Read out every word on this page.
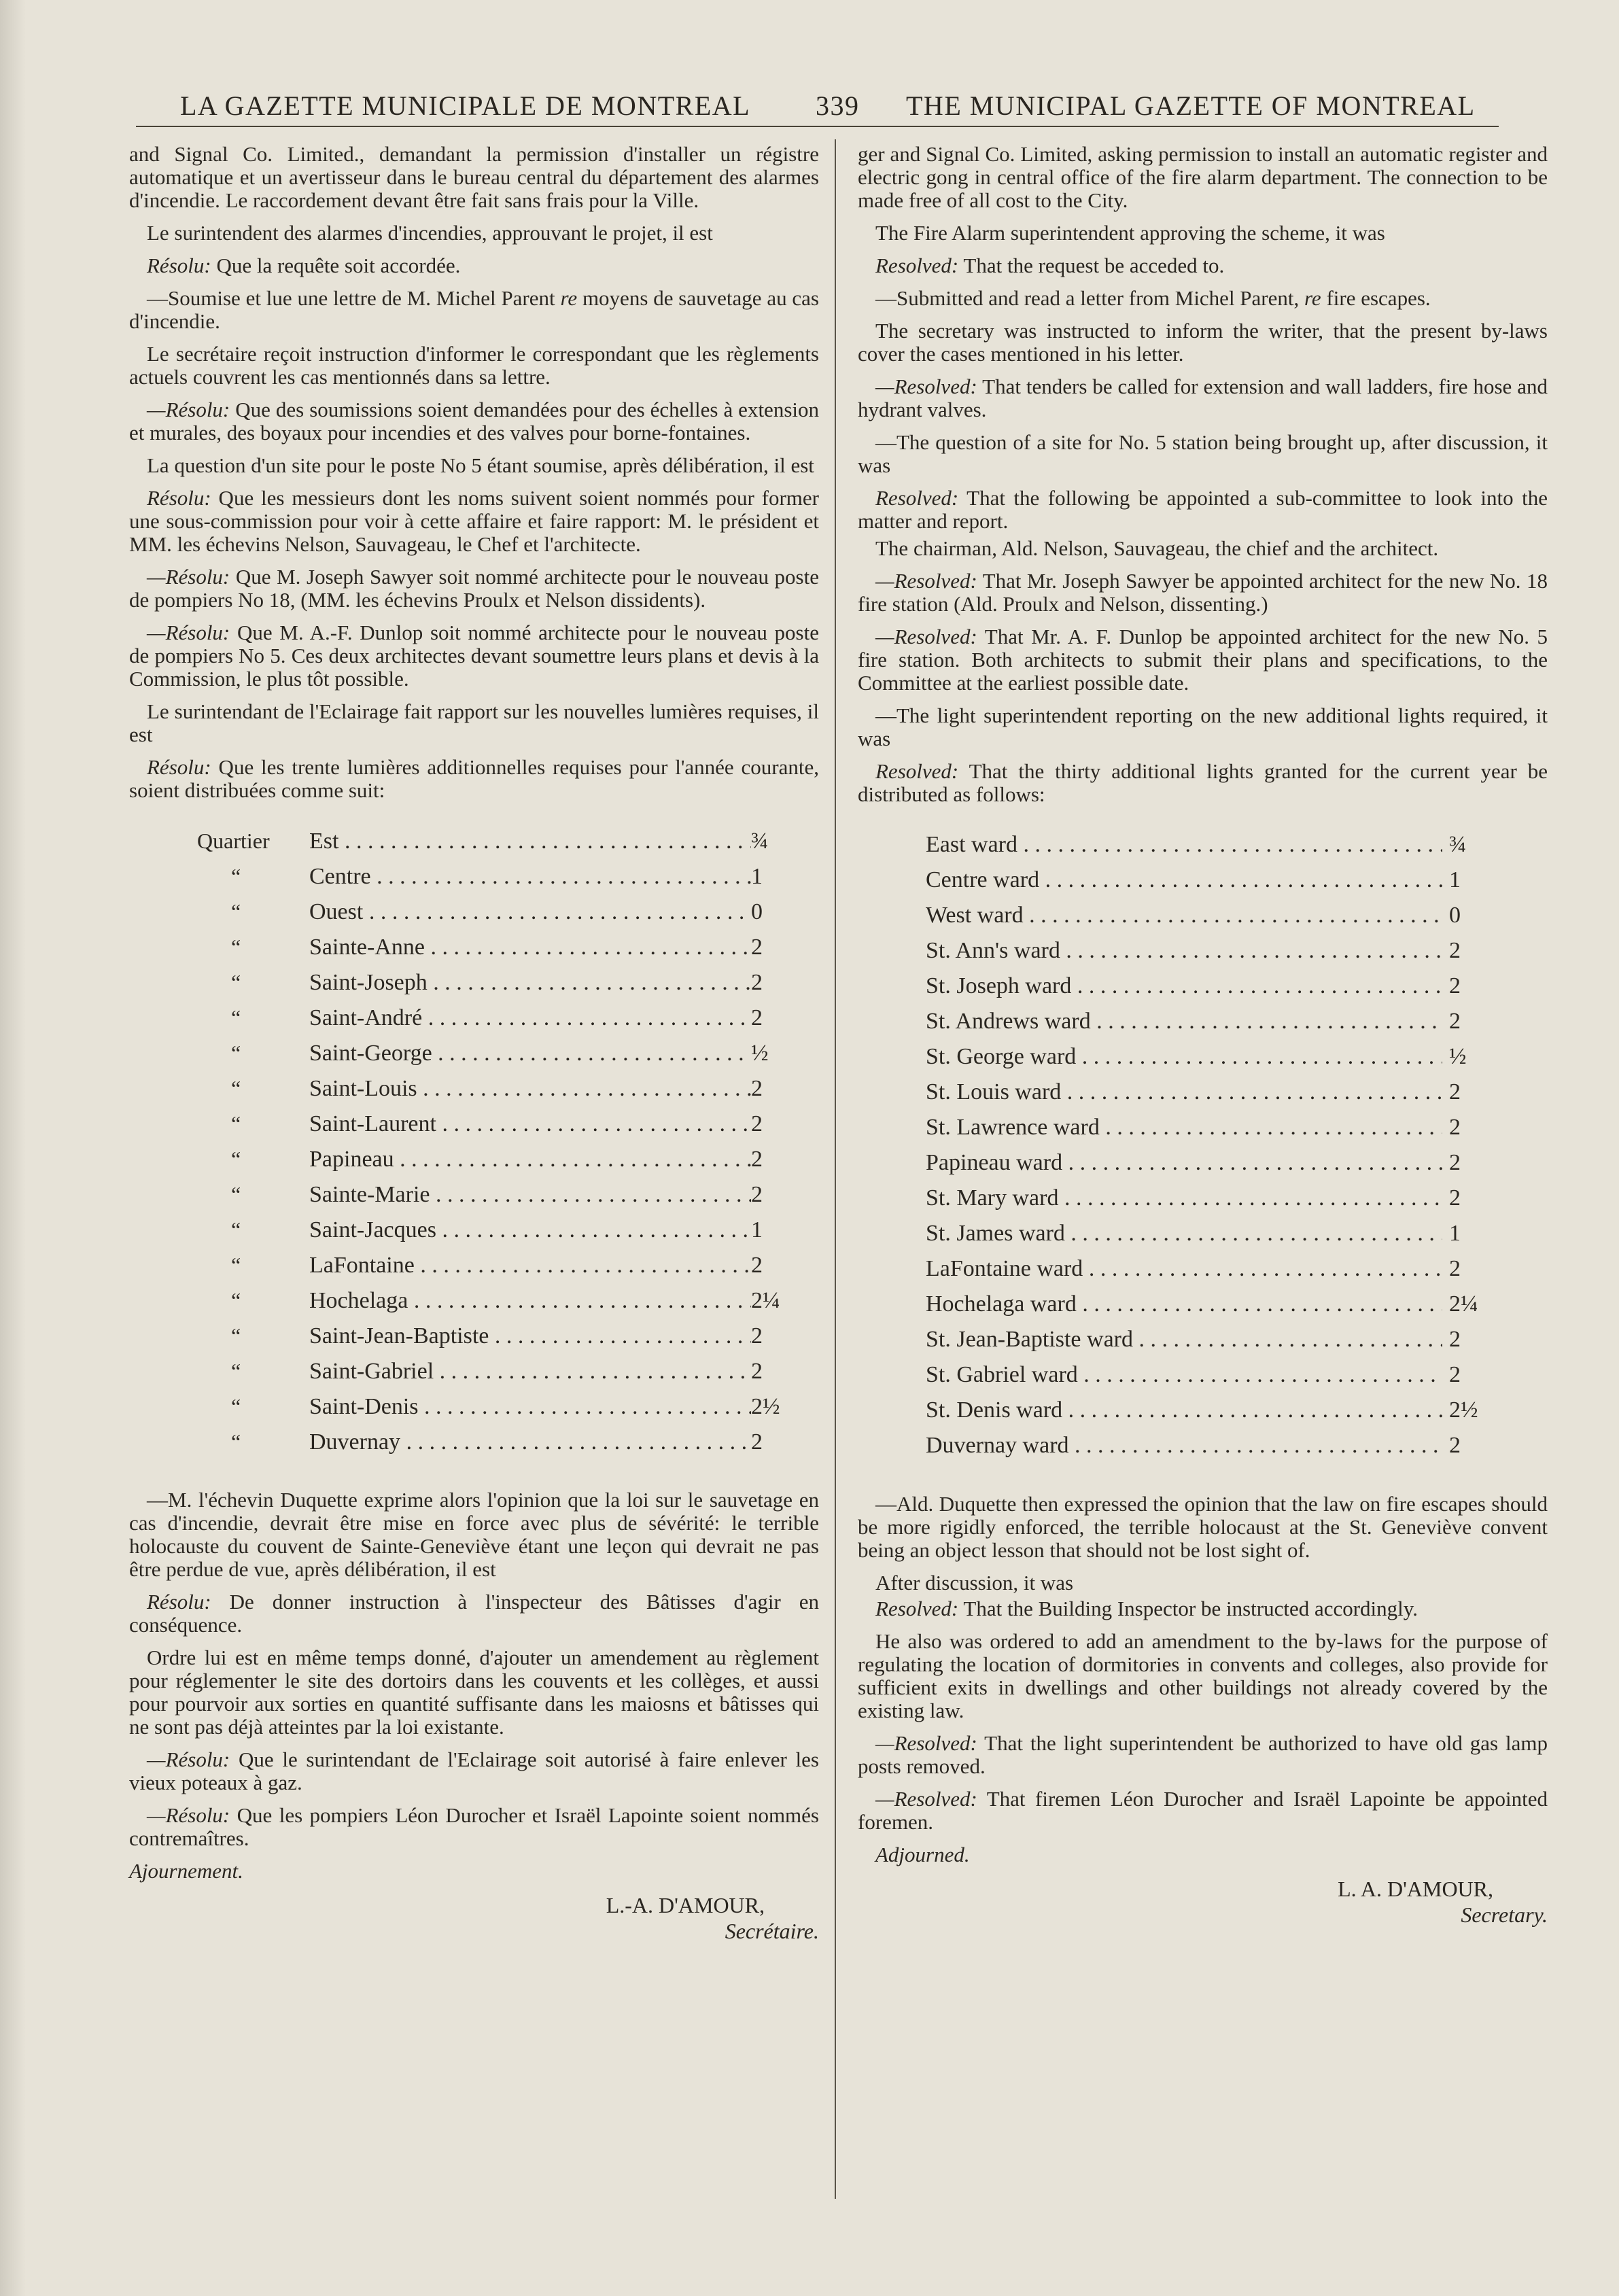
LA GAZETTE MUNICIPALE DE MONTREAL 339 THE MUNICIPAL GAZETTE OF MONTREAL

and Signal Co. Limited., demandant la permission d'installer un régistre automatique et un avertisseur dans le bureau central du département des alarmes d'incendie. Le raccordement devant être fait sans frais pour la Ville.

Le surintendent des alarmes d'incendies, approuvant le projet, il est

Résolu: Que la requête soit accordée.

—Soumise et lue une lettre de M. Michel Parent re moyens de sauvetage au cas d'incendie.

Le secrétaire reçoit instruction d'informer le correspondant que les règlements actuels couvrent les cas mentionnés dans sa lettre.

—Résolu: Que des soumissions soient demandées pour des échelles à extension et murales, des boyaux pour incendies et des valves pour borne-fontaines.

La question d'un site pour le poste No 5 étant soumise, après délibération, il est

Résolu: Que les messieurs dont les noms suivent soient nommés pour former une sous-commission pour voir à cette affaire et faire rapport: M. le président et MM. les échevins Nelson, Sauvageau, le Chef et l'architecte.

—Résolu: Que M. Joseph Sawyer soit nommé architecte pour le nouveau poste de pompiers No 18, (MM. les échevins Proulx et Nelson dissidents).

—Résolu: Que M. A.-F. Dunlop soit nommé architecte pour le nouveau poste de pompiers No 5. Ces deux architectes devant soumettre leurs plans et devis à la Commission, le plus tôt possible.

Le surintendant de l'Eclairage fait rapport sur les nouvelles lumières requises, il est

Résolu: Que les trente lumières additionnelles requises pour l'année courante, soient distribuées comme suit:

Quartier	Est . . .	¾
“	Centre . . .	1
“	Ouest . . .	0
“	Sainte-Anne . . .	2
“	Saint-Joseph . . .	2
“	Saint-André . . .	2
“	Saint-George . . .	½
“	Saint-Louis . . .	2
“	Saint-Laurent . . .	2
“	Papineau . . .	2
“	Sainte-Marie . . .	2
“	Saint-Jacques . . .	1
“	LaFontaine . . .	2
“	Hochelaga . . .	2¼
“	Saint-Jean-Baptiste . . .	2
“	Saint-Gabriel . . .	2
“	Saint-Denis . . .	2½
“	Duvernay . . .	2

—M. l'échevin Duquette exprime alors l'opinion que la loi sur le sauvetage en cas d'incendie, devrait être mise en force avec plus de sévérité: le terrible holocauste du couvent de Sainte-Geneviève étant une leçon qui devrait ne pas être perdue de vue, après délibération, il est

Résolu: De donner instruction à l'inspecteur des Bâtisses d'agir en conséquence.

Ordre lui est en même temps donné, d'ajouter un amendement au règlement pour réglementer le site des dortoirs dans les couvents et les collèges, et aussi pour pourvoir aux sorties en quantité suffisante dans les maiosns et bâtisses qui ne sont pas déjà atteintes par la loi existante.

—Résolu: Que le surintendant de l'Eclairage soit autorisé à faire enlever les vieux poteaux à gaz.

—Résolu: Que les pompiers Léon Durocher et Israël Lapointe soient nommés contremaîtres.

Ajournement.

L.-A. D'AMOUR,
Secrétaire.

ger and Signal Co. Limited, asking permission to install an automatic register and electric gong in central office of the fire alarm department. The connection to be made free of all cost to the City.

The Fire Alarm superintendent approving the scheme, it was

Resolved: That the request be acceded to.

—Submitted and read a letter from Michel Parent, re fire escapes.

The secretary was instructed to inform the writer, that the present by-laws cover the cases mentioned in his letter.

—Resolved: That tenders be called for extension and wall ladders, fire hose and hydrant valves.

—The question of a site for No. 5 station being brought up, after discussion, it was

Resolved: That the following be appointed a sub-committee to look into the matter and report.

The chairman, Ald. Nelson, Sauvageau, the chief and the architect.

—Resolved: That Mr. Joseph Sawyer be appointed architect for the new No. 18 fire station (Ald. Proulx and Nelson, dissenting.)

—Resolved: That Mr. A. F. Dunlop be appointed architect for the new No. 5 fire station. Both architects to submit their plans and specifications, to the Committee at the earliest possible date.

—The light superintendent reporting on the new additional lights required, it was

Resolved: That the thirty additional lights granted for the current year be distributed as follows:

East ward . . .	¾
Centre ward . . .	1
West ward . . .	0
St. Ann's ward . . .	2
St. Joseph ward . . .	2
St. Andrews ward . . .	2
St. George ward . . .	½
St. Louis ward . . .	2
St. Lawrence ward . . .	2
Papineau ward . . .	2
St. Mary ward . . .	2
St. James ward . . .	1
LaFontaine ward . . .	2
Hochelaga ward . . .	2¼
St. Jean-Baptiste ward . . .	2
St. Gabriel ward . . .	2
St. Denis ward . . .	2½
Duvernay ward . . .	2

—Ald. Duquette then expressed the opinion that the law on fire escapes should be more rigidly enforced, the terrible holocaust at the St. Geneviève convent being an object lesson that should not be lost sight of.

After discussion, it was

Resolved: That the Building Inspector be instructed accordingly.

He also was ordered to add an amendment to the by-laws for the purpose of regulating the location of dormitories in convents and colleges, also provide for sufficient exits in dwellings and other buildings not already covered by the existing law.

—Resolved: That the light superintendent be authorized to have old gas lamp posts removed.

—Resolved: That firemen Léon Durocher and Israël Lapointe be appointed foremen.

Adjourned.

L. A. D'AMOUR,
Secretary.
